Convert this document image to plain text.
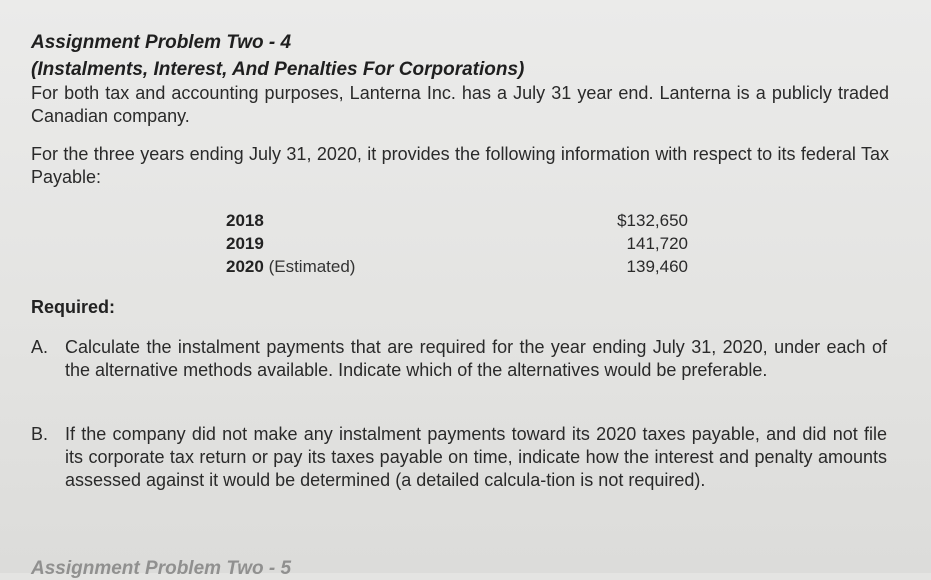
Assignment Problem Two - 4
(Instalments, Interest, And Penalties For Corporations)
For both tax and accounting purposes, Lanterna Inc. has a July 31 year end. Lanterna is a publicly traded Canadian company.
For the three years ending July 31, 2020, it provides the following information with respect to its federal Tax Payable:
2018	$132,650
2019	141,720
2020 (Estimated)	139,460
Required:
A. Calculate the instalment payments that are required for the year ending July 31, 2020, under each of the alternative methods available. Indicate which of the alternatives would be preferable.
B. If the company did not make any instalment payments toward its 2020 taxes payable, and did not file its corporate tax return or pay its taxes payable on time, indicate how the interest and penalty amounts assessed against it would be determined (a detailed calcula-tion is not required).
Assignment Problem Two - 5
